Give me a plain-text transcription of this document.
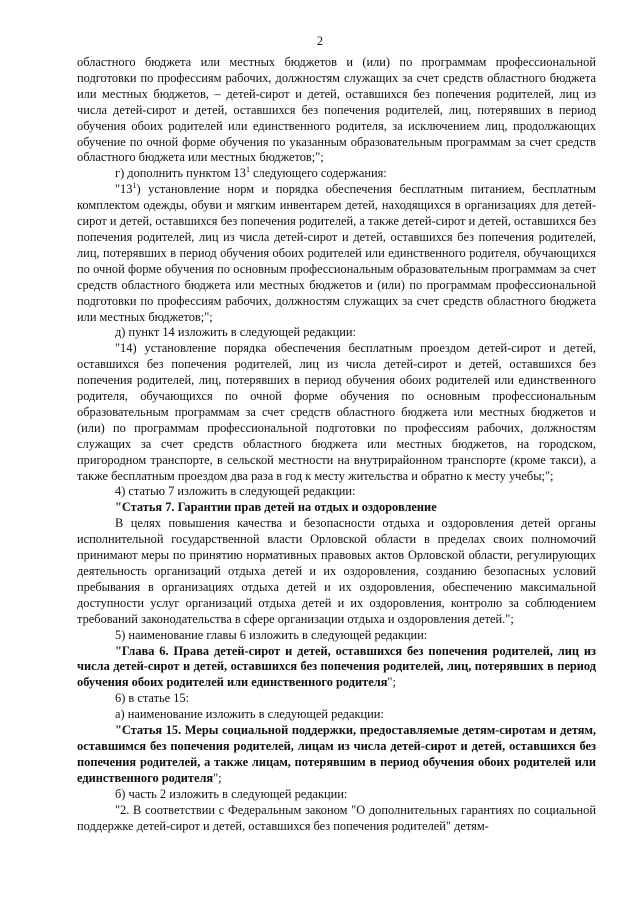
2

областного бюджета или местных бюджетов и (или) по программам профессиональной подготовки по профессиям рабочих, должностям служащих за счет средств областного бюджета или местных бюджетов, – детей-сирот и детей, оставшихся без попечения родителей, лиц из числа детей-сирот и детей, оставшихся без попечения родителей, лиц, потерявших в период обучения обоих родителей или единственного родителя, за исключением лиц, продолжающих обучение по очной форме обучения по указанным образовательным программам за счет средств областного бюджета или местных бюджетов;";

г) дополнить пунктом $13^1$ следующего содержания:

"$13^1$) установление норм и порядка обеспечения бесплатным питанием, бесплатным комплектом одежды, обуви и мягким инвентарем детей, находящихся в организациях для детей-сирот и детей, оставшихся без попечения родителей, а также детей-сирот и детей, оставшихся без попечения родителей, лиц из числа детей-сирот и детей, оставшихся без попечения родителей, лиц, потерявших в период обучения обоих родителей или единственного родителя, обучающихся по очной форме обучения по основным профессиональным образовательным программам за счет средств областного бюджета или местных бюджетов и (или) по программам профессиональной подготовки по профессиям рабочих, должностям служащих за счет средств областного бюджета или местных бюджетов;";

д) пункт 14 изложить в следующей редакции:

"14) установление порядка обеспечения бесплатным проездом детей-сирот и детей, оставшихся без попечения родителей, лиц из числа детей-сирот и детей, оставшихся без попечения родителей, лиц, потерявших в период обучения обоих родителей или единственного родителя, обучающихся по очной форме обучения по основным профессиональным образовательным программам за счет средств областного бюджета или местных бюджетов и (или) по программам профессиональной подготовки по профессиям рабочих, должностям служащих за счет средств областного бюджета или местных бюджетов, на городском, пригородном транспорте, в сельской местности на внутрирайонном транспорте (кроме такси), а также бесплатным проездом два раза в год к месту жительства и обратно к месту учебы;";

4) статью 7 изложить в следующей редакции:

"Статья 7. Гарантии прав детей на отдых и оздоровление

В целях повышения качества и безопасности отдыха и оздоровления детей органы исполнительной государственной власти Орловской области в пределах своих полномочий принимают меры по принятию нормативных правовых актов Орловской области, регулирующих деятельность организаций отдыха детей и их оздоровления, созданию безопасных условий пребывания в организациях отдыха детей и их оздоровления, обеспечению максимальной доступности услуг организаций отдыха детей и их оздоровления, контролю за соблюдением требований законодательства в сфере организации отдыха и оздоровления детей.";

5) наименование главы 6 изложить в следующей редакции:

"Глава 6. Права детей-сирот и детей, оставшихся без попечения родителей, лиц из числа детей-сирот и детей, оставшихся без попечения родителей, лиц, потерявших в период обучения обоих родителей или единственного родителя";

6) в статье 15:

а) наименование изложить в следующей редакции:

"Статья 15. Меры социальной поддержки, предоставляемые детям-сиротам и детям, оставшимся без попечения родителей, лицам из числа детей-сирот и детей, оставшихся без попечения родителей, а также лицам, потерявшим в период обучения обоих родителей или единственного родителя";

б) часть 2 изложить в следующей редакции:

"2. В соответствии с Федеральным законом "О дополнительных гарантиях по социальной поддержке детей-сирот и детей, оставшихся без попечения родителей" детям-
